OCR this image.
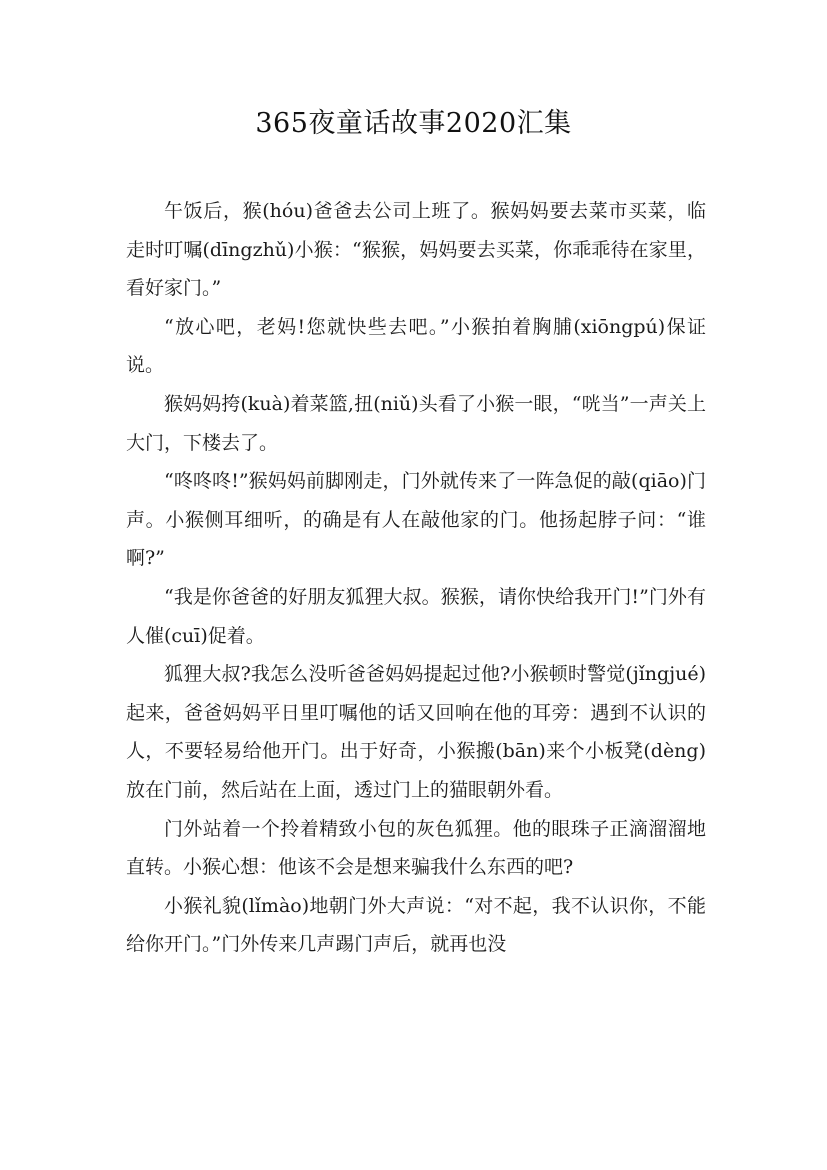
365夜童话故事2020汇集

午饭后，猴(hóu)爸爸去公司上班了。猴妈妈要去菜市买菜，临走时叮嘱(dīngzhǔ)小猴：“猴猴，妈妈要去买菜，你乖乖待在家里，看好家门。”

“放心吧，老妈!您就快些去吧。”小猴拍着胸脯(xiōngpú)保证说。

猴妈妈挎(kuà)着菜篮,扭(niǔ)头看了小猴一眼，“咣当”一声关上大门，下楼去了。

“咚咚咚!”猴妈妈前脚刚走，门外就传来了一阵急促的敲(qiāo)门声。小猴侧耳细听，的确是有人在敲他家的门。他扬起脖子问：“谁啊?”

“我是你爸爸的好朋友狐狸大叔。猴猴，请你快给我开门!”门外有人催(cuī)促着。

狐狸大叔?我怎么没听爸爸妈妈提起过他?小猴顿时警觉(jǐngjué)起来，爸爸妈妈平日里叮嘱他的话又回响在他的耳旁：遇到不认识的人，不要轻易给他开门。出于好奇，小猴搬(bān)来个小板凳(dèng)放在门前，然后站在上面，透过门上的猫眼朝外看。

门外站着一个拎着精致小包的灰色狐狸。他的眼珠子正滴溜溜地直转。小猴心想：他该不会是想来骗我什么东西的吧?

小猴礼貌(lǐmào)地朝门外大声说：“对不起，我不认识你，不能给你开门。”门外传来几声踢门声后，就再也没
